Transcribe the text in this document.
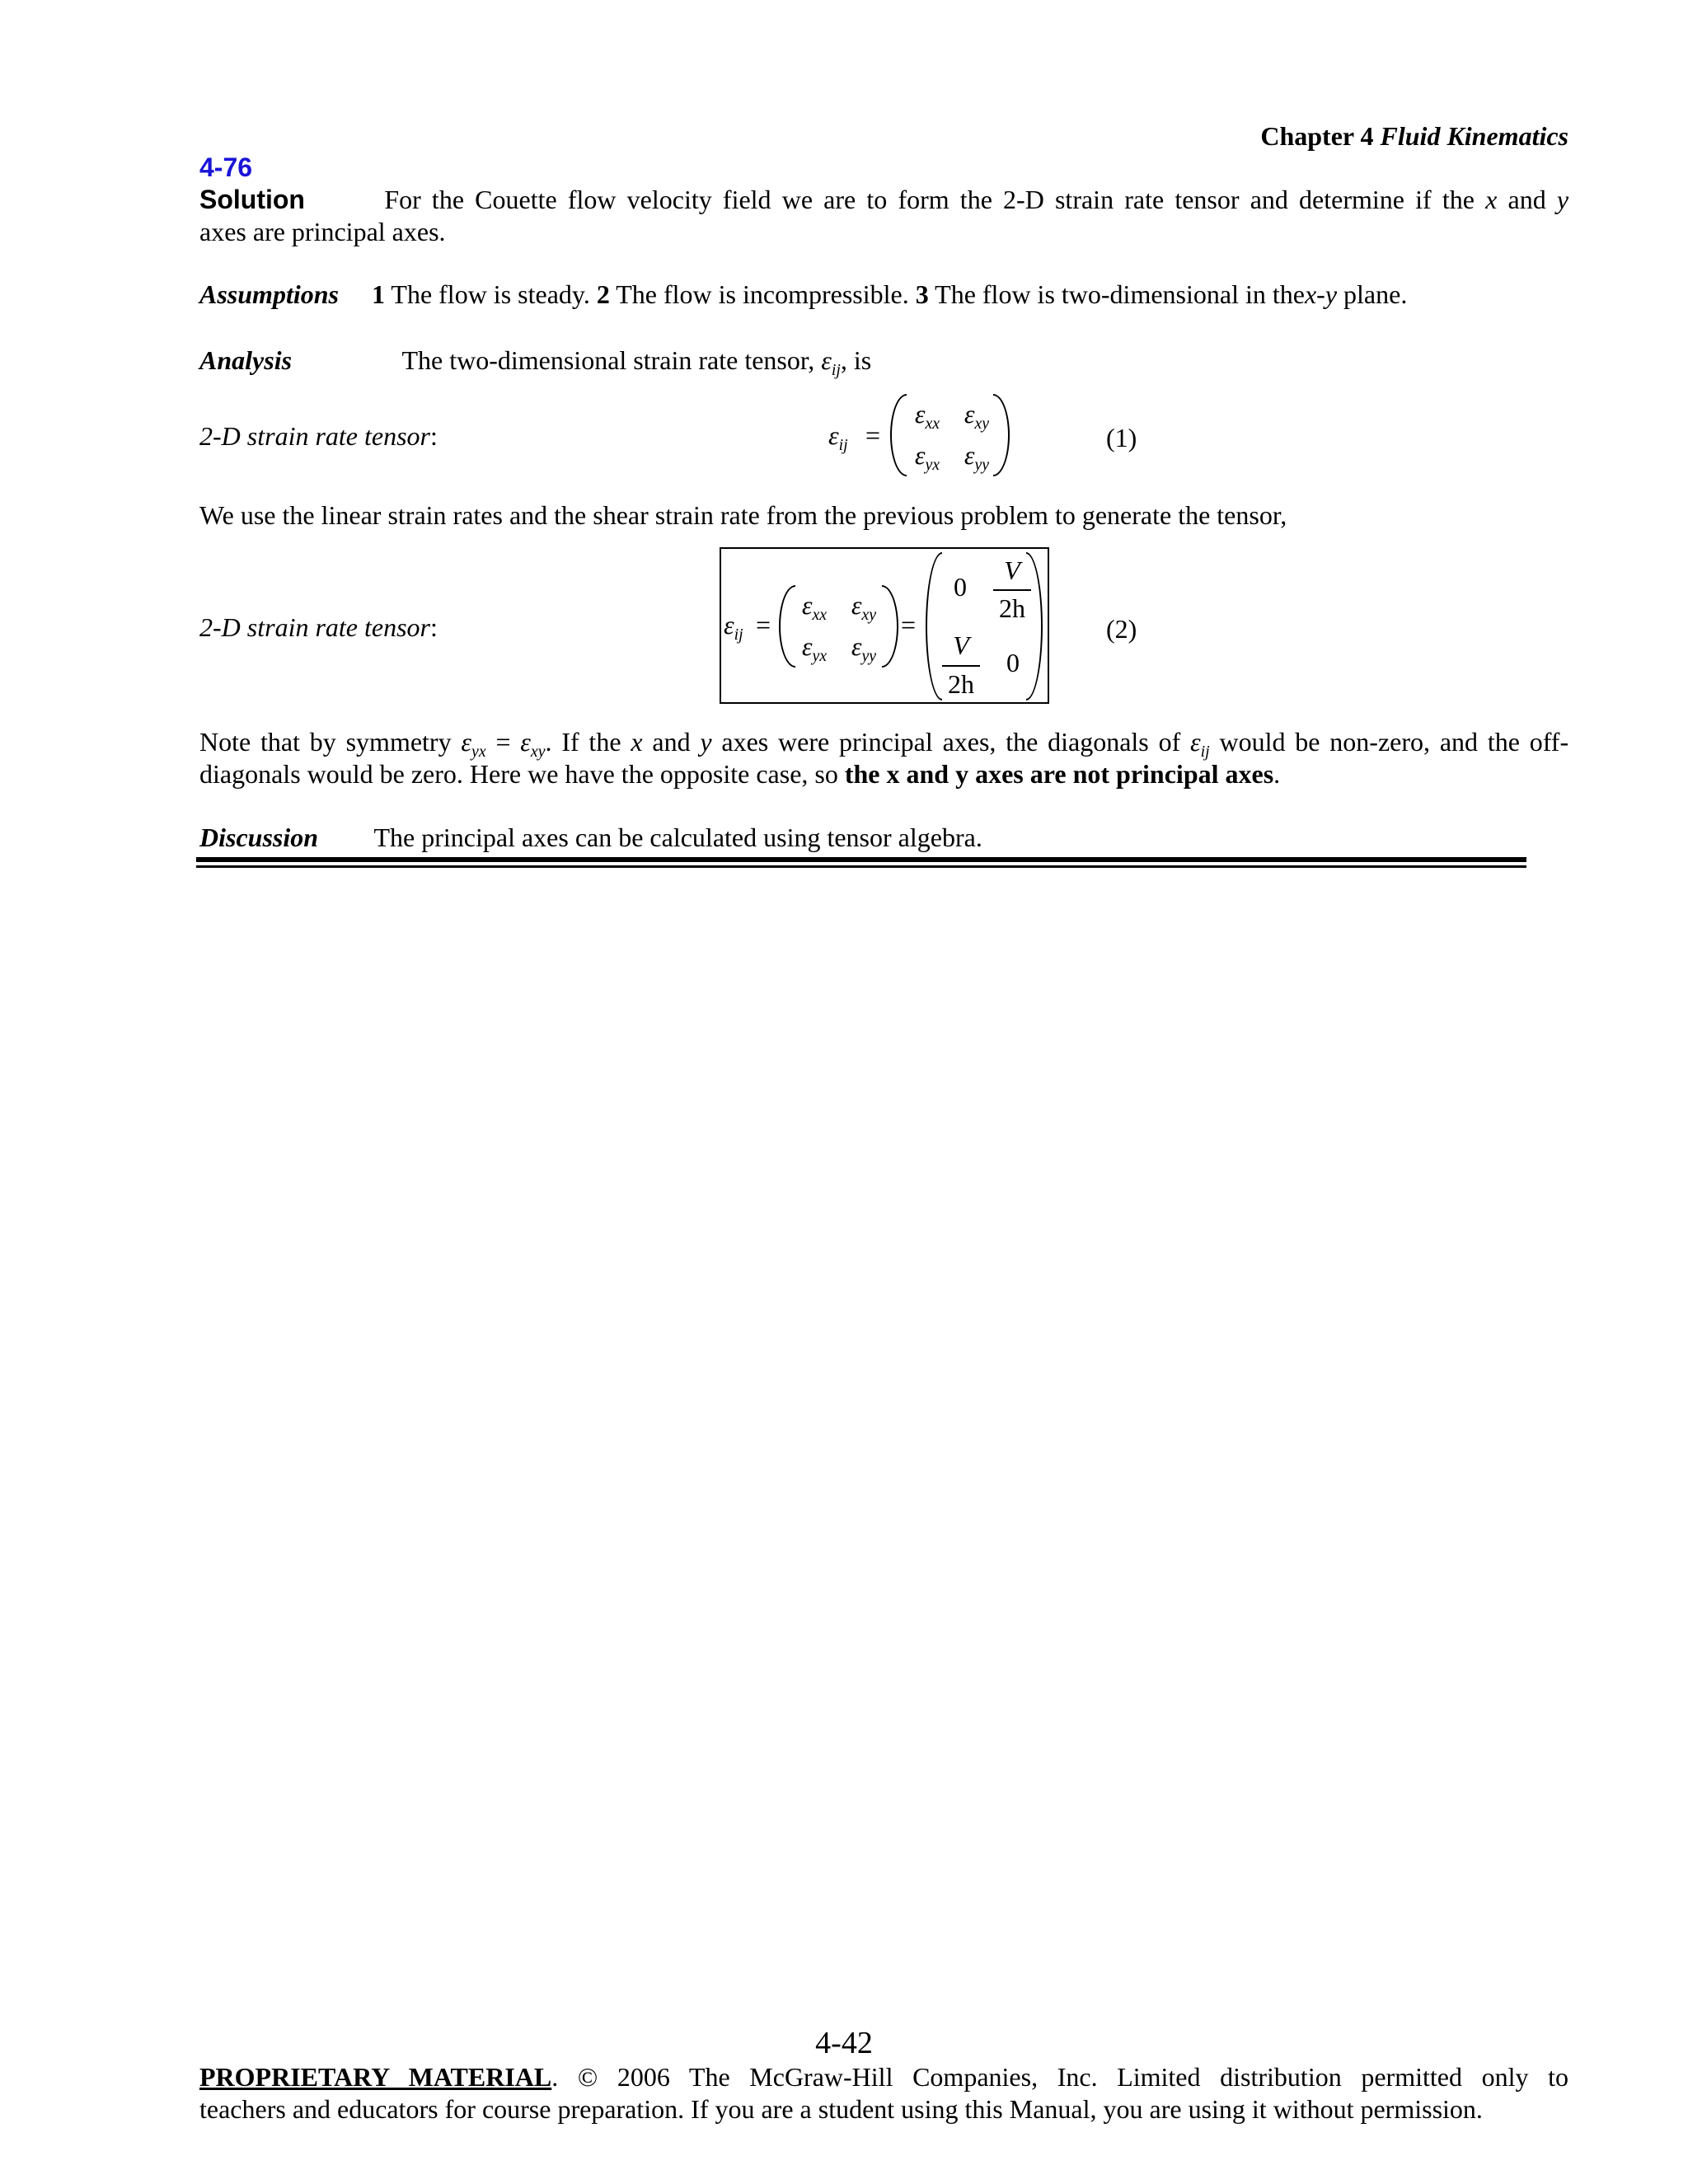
Chapter 4 Fluid Kinematics
4-76
Solution	For the Couette flow velocity field we are to form the 2-D strain rate tensor and determine if the x and y
axes are principal axes.
Assumptions 1 The flow is steady. 2 The flow is incompressible. 3 The flow is two-dimensional in thex-y plane.
Analysis	The two-dimensional strain rate tensor, $\varepsilon_{ij}$, is
2-D strain rate tensor:	$\varepsilon_{ij}$ =
$\varepsilon_{xx}$ $\varepsilon_{xy}$
$\varepsilon_{yx}$ $\varepsilon_{yy}$
(1)
We use the linear strain rates and the shear strain rate from the previous problem to generate the tensor,
2-D strain rate tensor:	$\varepsilon_{ij}$ =
$\varepsilon_{xx}$ $\varepsilon_{xy}$
$\varepsilon_{yx}$ $\varepsilon_{yy}$
=
0
V
2h
V
2h
0
(2)
Note that by symmetry $\varepsilon_{yx} = \varepsilon_{xy}$. If the x and y axes were principal axes, the diagonals of $\varepsilon_{ij}$ would be non-zero, and the off-
diagonals would be zero. Here we have the opposite case, so the x and y axes are not principal axes.
Discussion The principal axes can be calculated using tensor algebra.
4-42
PROPRIETARY MATERIAL. © 2006 The McGraw-Hill Companies, Inc. Limited distribution permitted only to
teachers and educators for course preparation. If you are a student using this Manual, you are using it without permission.
